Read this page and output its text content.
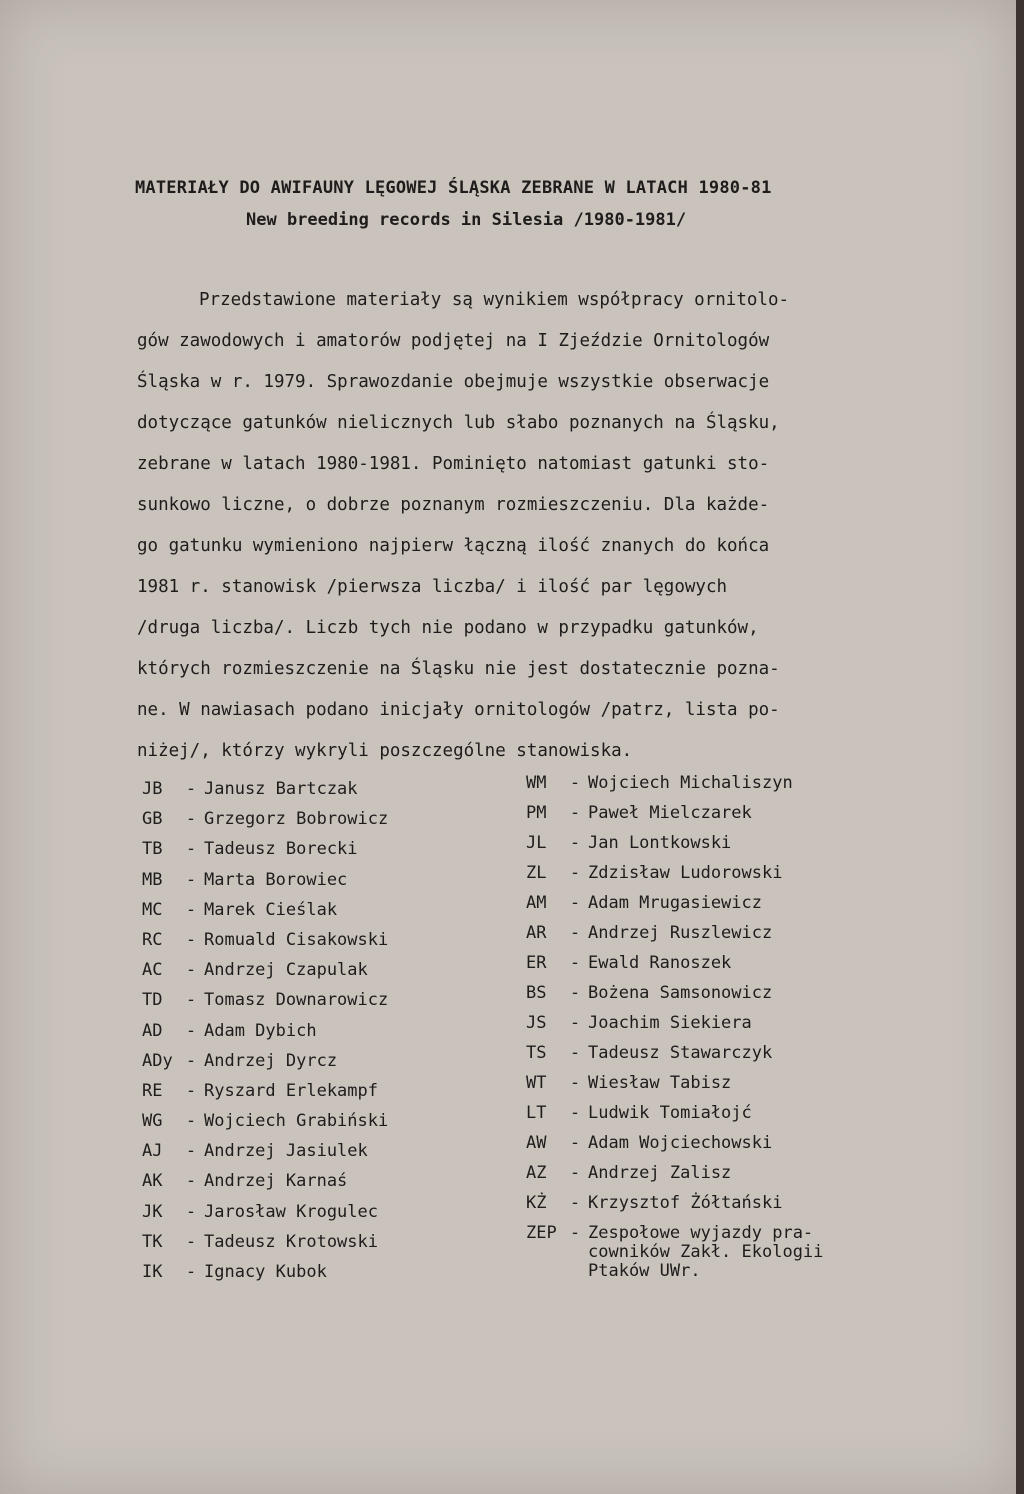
MATERIAŁY DO AWIFAUNY LĘGOWEJ ŚLĄSKA ZEBRANE W LATACH 1980-81
New breeding records in Silesia /1980-1981/
Przedstawione materiały są wynikiem współpracy ornitolo-
gów zawodowych i amatorów podjętej na I Zjeździe Ornitologów
Śląska w r. 1979. Sprawozdanie obejmuje wszystkie obserwacje
dotyczące gatunków nielicznych lub słabo poznanych na Śląsku,
zebrane w latach 1980-1981. Pominięto natomiast gatunki sto-
sunkowo liczne, o dobrze poznanym rozmieszczeniu. Dla każde-
go gatunku wymieniono najpierw łączną ilość znanych do końca
1981 r. stanowisk /pierwsza liczba/ i ilość par lęgowych
/druga liczba/. Liczb tych nie podano w przypadku gatunków,
których rozmieszczenie na Śląsku nie jest dostatecznie pozna-
ne. W nawiasach podano inicjały ornitologów /patrz, lista po-
niżej/, którzy wykryli poszczególne stanowiska.
JB	- Janusz Bartczak
GB	- Grzegorz Bobrowicz
TB	- Tadeusz Borecki
MB	- Marta Borowiec
MC	- Marek Cieślak
RC	- Romuald Cisakowski
AC	- Andrzej Czapulak
TD	- Tomasz Downarowicz
AD	- Adam Dybich
ADy - Andrzej Dyrcz
RE	- Ryszard Erlekampf
WG	- Wojciech Grabiński
AJ	- Andrzej Jasiulek
AK	- Andrzej Karnaś
JK	- Jarosław Krogulec
TK	- Tadeusz Krotowski
IK	- Ignacy Kubok
WM	- Wojciech Michaliszyn
PM	- Paweł Mielczarek
JL	- Jan Lontkowski
ZL	- Zdzisław Ludorowski
AM	- Adam Mrugasiewicz
AR	- Andrzej Ruszlewicz
ER	- Ewald Ranoszek
BS	- Bożena Samsonowicz
JS	- Joachim Siekiera
TS	- Tadeusz Stawarczyk
WT	- Wiesław Tabisz
LT	- Ludwik Tomiałojć
AW	- Adam Wojciechowski
AZ	- Andrzej Zalisz
KŻ	- Krzysztof Żółtański
ZEP - Zespołowe wyjazdy pra-
cowników Zakł. Ekologii
Ptaków UWr.
